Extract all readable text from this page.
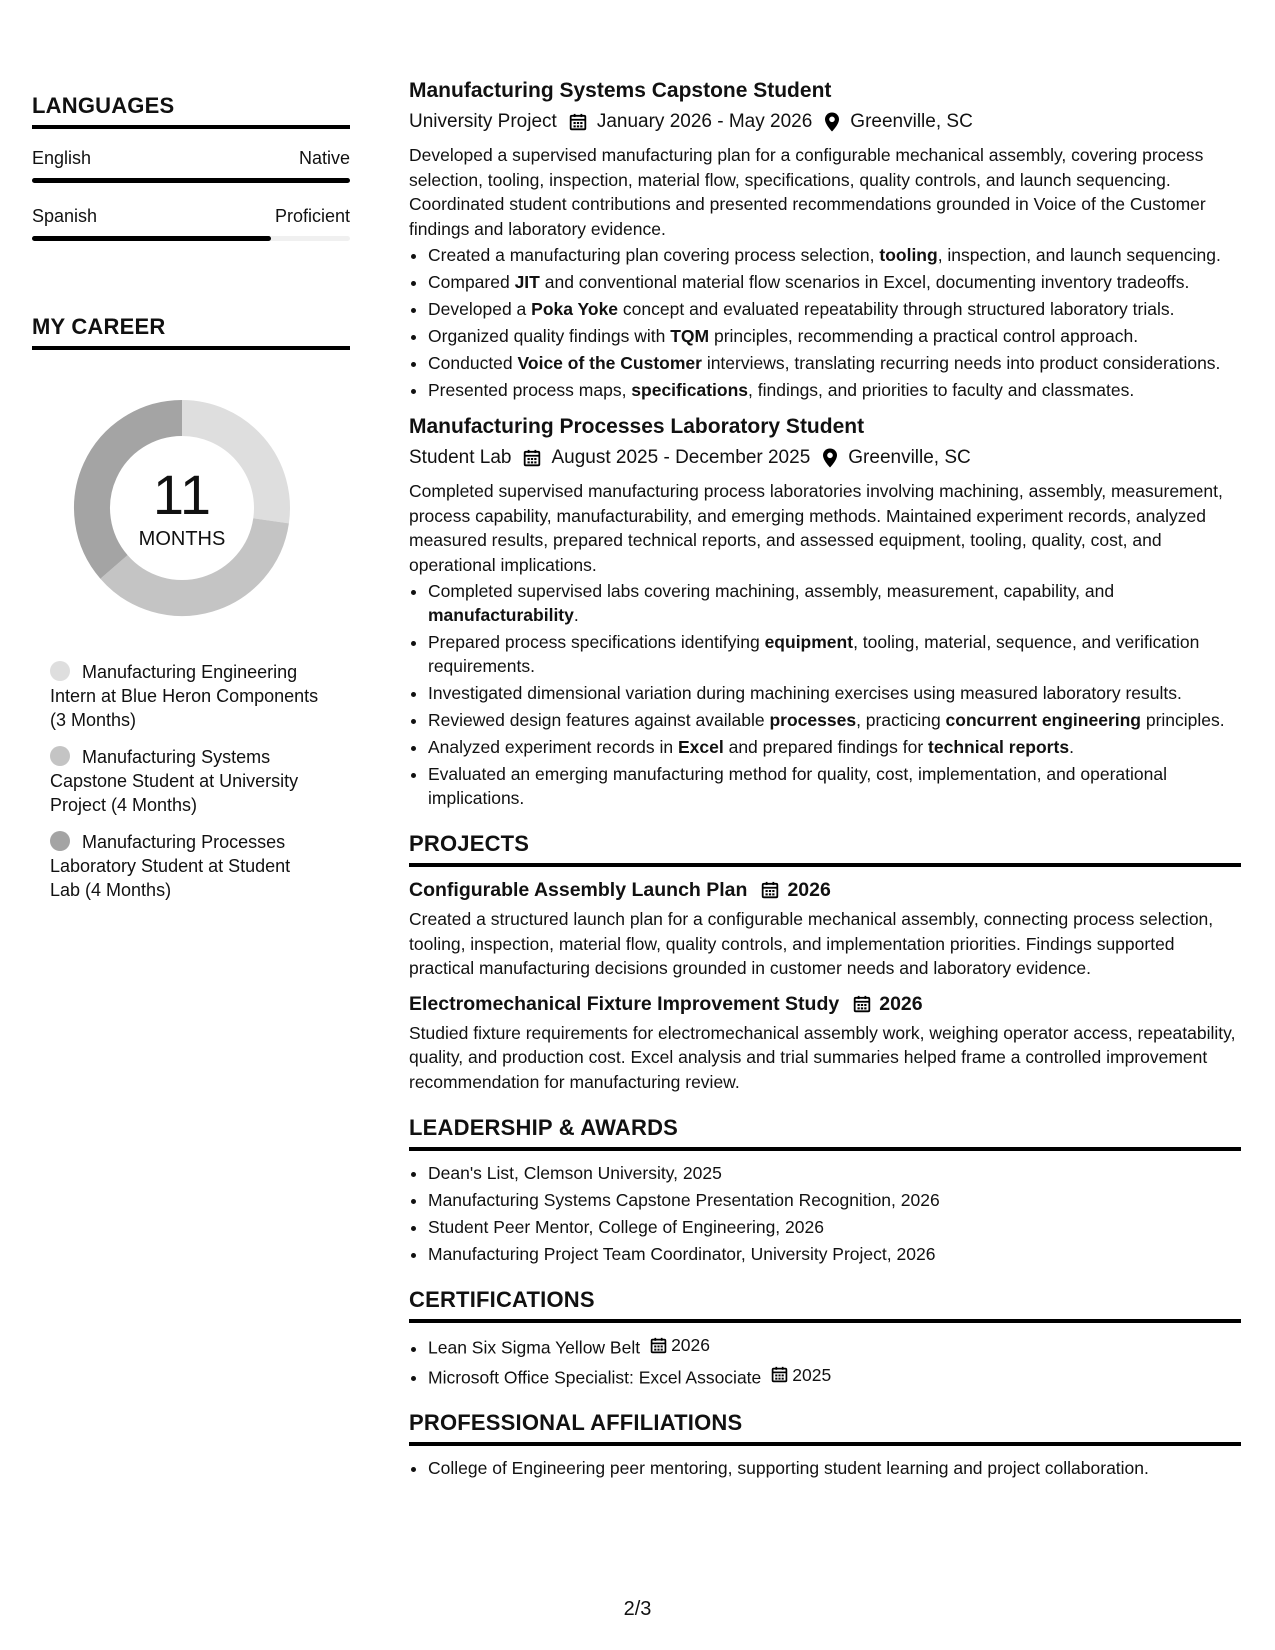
LANGUAGES
English	Native
Spanish	Proficient
MY CAREER
11
MONTHS
Manufacturing Engineering Intern at Blue Heron Components (3 Months)
Manufacturing Systems Capstone Student at University Project (4 Months)
Manufacturing Processes Laboratory Student at Student Lab (4 Months)
Manufacturing Systems Capstone Student
University Project January 2026 - May 2026 Greenville, SC
Developed a supervised manufacturing plan for a configurable mechanical assembly, covering process selection, tooling, inspection, material flow, specifications, quality controls, and launch sequencing. Coordinated student contributions and presented recommendations grounded in Voice of the Customer findings and laboratory evidence.
• Created a manufacturing plan covering process selection, tooling, inspection, and launch sequencing.
• Compared JIT and conventional material flow scenarios in Excel, documenting inventory tradeoffs.
• Developed a Poka Yoke concept and evaluated repeatability through structured laboratory trials.
• Organized quality findings with TQM principles, recommending a practical control approach.
• Conducted Voice of the Customer interviews, translating recurring needs into product considerations.
• Presented process maps, specifications, findings, and priorities to faculty and classmates.
Manufacturing Processes Laboratory Student
Student Lab August 2025 - December 2025 Greenville, SC
Completed supervised manufacturing process laboratories involving machining, assembly, measurement, process capability, manufacturability, and emerging methods. Maintained experiment records, analyzed measured results, prepared technical reports, and assessed equipment, tooling, quality, cost, and operational implications.
• Completed supervised labs covering machining, assembly, measurement, capability, and manufacturability.
• Prepared process specifications identifying equipment, tooling, material, sequence, and verification requirements.
• Investigated dimensional variation during machining exercises using measured laboratory results.
• Reviewed design features against available processes, practicing concurrent engineering principles.
• Analyzed experiment records in Excel and prepared findings for technical reports.
• Evaluated an emerging manufacturing method for quality, cost, implementation, and operational implications.
PROJECTS
Configurable Assembly Launch Plan 2026
Created a structured launch plan for a configurable mechanical assembly, connecting process selection, tooling, inspection, material flow, quality controls, and implementation priorities. Findings supported practical manufacturing decisions grounded in customer needs and laboratory evidence.
Electromechanical Fixture Improvement Study 2026
Studied fixture requirements for electromechanical assembly work, weighing operator access, repeatability, quality, and production cost. Excel analysis and trial summaries helped frame a controlled improvement recommendation for manufacturing review.
LEADERSHIP & AWARDS
• Dean's List, Clemson University, 2025
• Manufacturing Systems Capstone Presentation Recognition, 2026
• Student Peer Mentor, College of Engineering, 2026
• Manufacturing Project Team Coordinator, University Project, 2026
CERTIFICATIONS
• Lean Six Sigma Yellow Belt 2026
• Microsoft Office Specialist: Excel Associate 2025
PROFESSIONAL AFFILIATIONS
• College of Engineering peer mentoring, supporting student learning and project collaboration.
2/3
